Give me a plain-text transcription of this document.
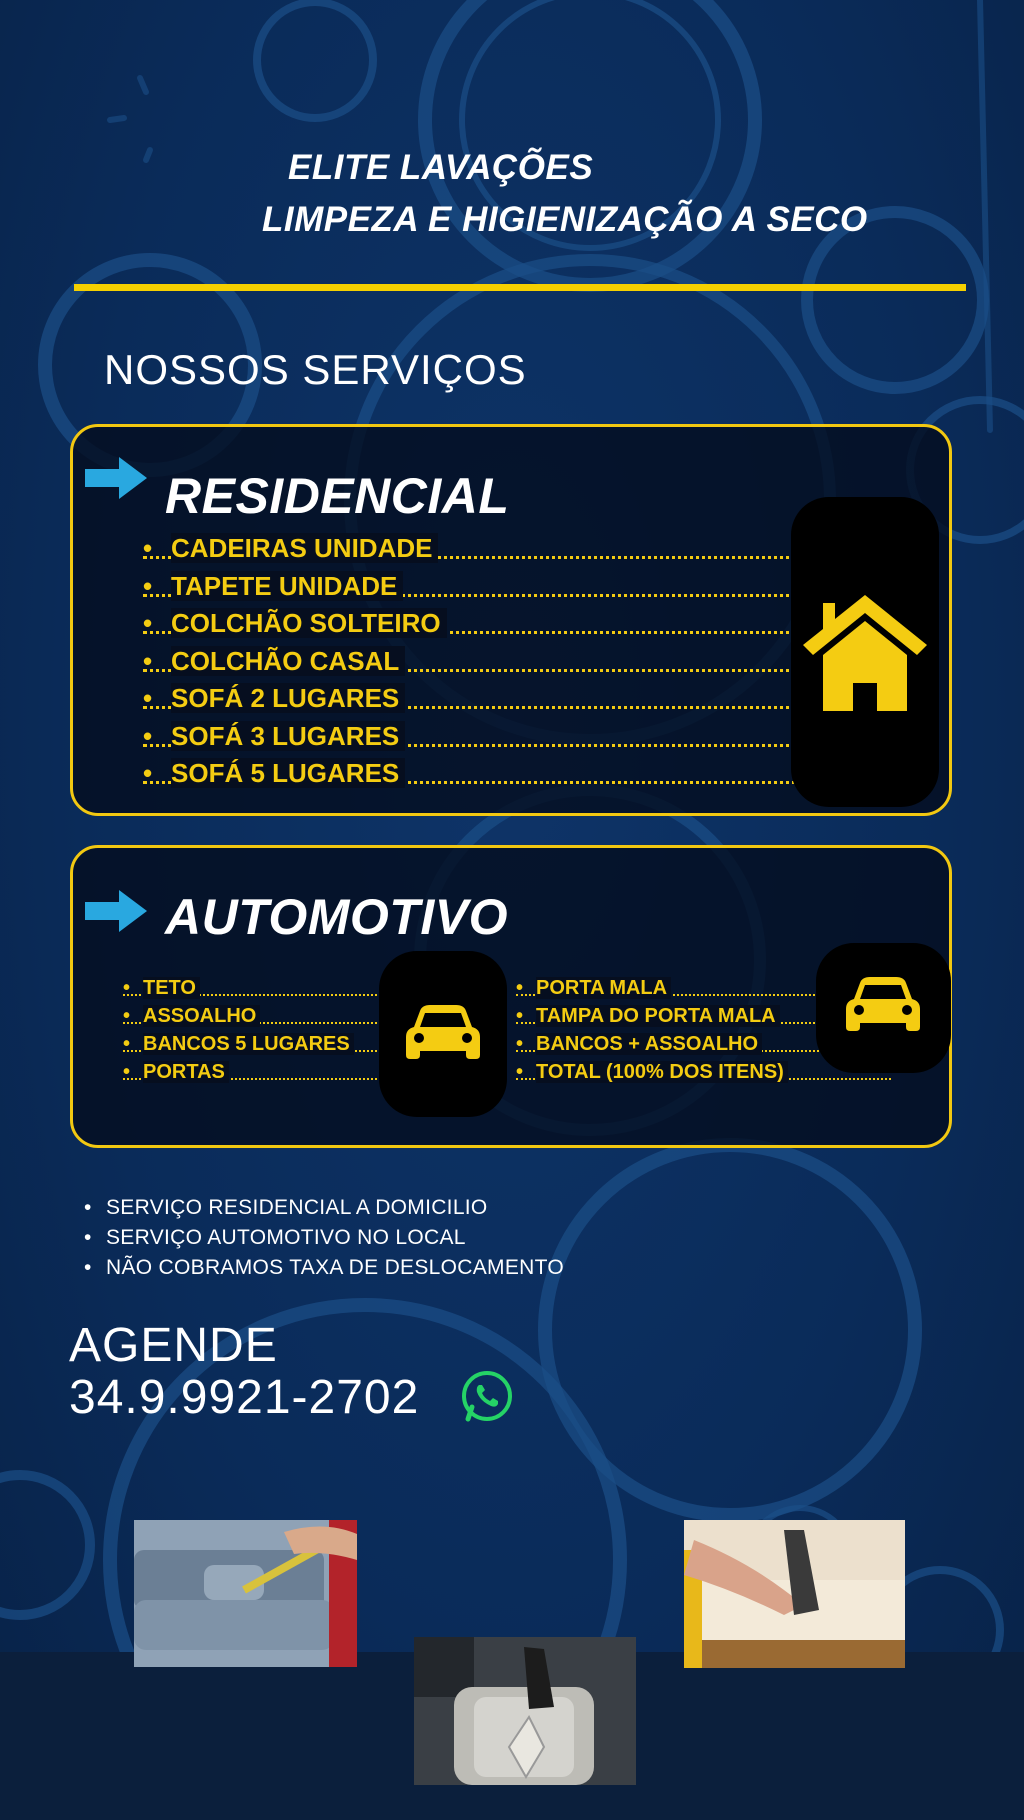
ELITE LAVAÇÕES
LIMPEZA E HIGIENIZAÇÃO A SECO
NOSSOS SERVIÇOS
RESIDENCIAL
• CADEIRAS UNIDADE
• TAPETE UNIDADE
• COLCHÃO SOLTEIRO
• COLCHÃO CASAL
• SOFÁ 2 LUGARES
• SOFÁ 3 LUGARES
• SOFÁ 5 LUGARES
AUTOMOTIVO
• TETO
• ASSOALHO
• BANCOS 5 LUGARES
• PORTAS
• PORTA MALA
• TAMPA DO PORTA MALA
• BANCOS + ASSOALHO
• TOTAL (100% DOS ITENS)
• SERVIÇO RESIDENCIAL A DOMICILIO
• SERVIÇO AUTOMOTIVO NO LOCAL
• NÃO COBRAMOS TAXA DE DESLOCAMENTO
AGENDE
34.9.9921-2702
